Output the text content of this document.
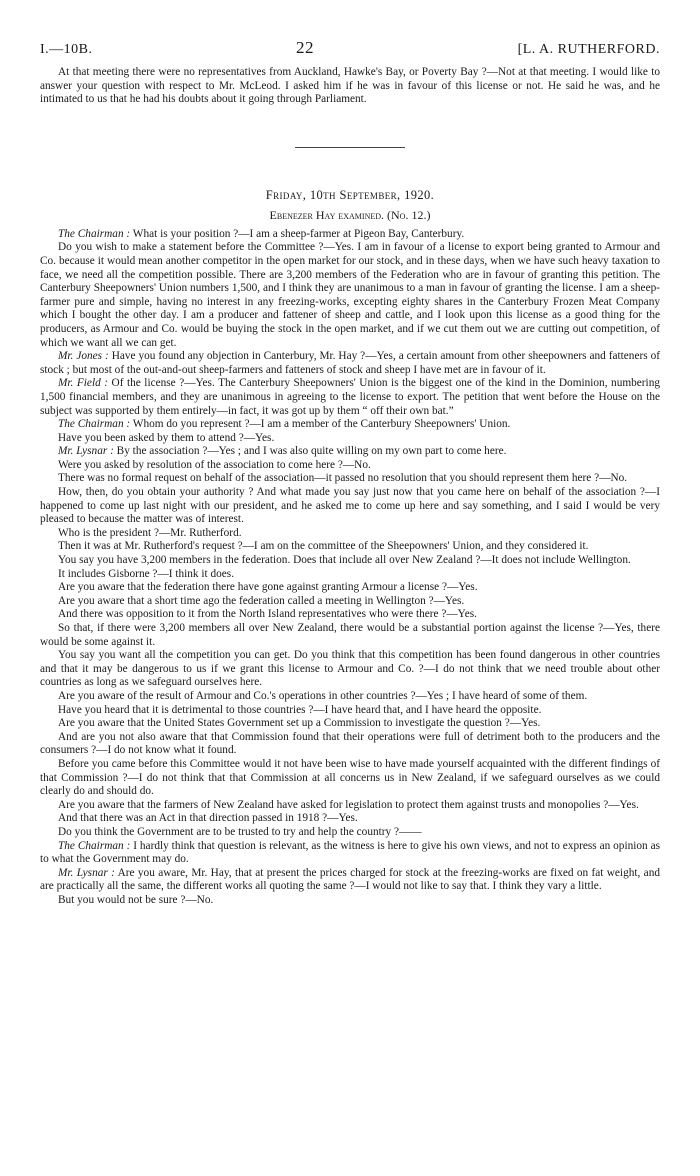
I.—10B.	22	[L. A. RUTHERFORD.

At that meeting there were no representatives from Auckland, Hawke's Bay, or Poverty Bay ?—Not at that meeting. I would like to answer your question with respect to Mr. McLeod. I asked him if he was in favour of this license or not. He said he was, and he intimated to us that he had his doubts about it going through Parliament.

Friday, 10th September, 1920.
Ebenezer Hay examined. (No. 12.)

The Chairman : What is your position ?—I am a sheep-farmer at Pigeon Bay, Canterbury.

Do you wish to make a statement before the Committee ?—Yes. I am in favour of a license to export being granted to Armour and Co. because it would mean another competitor in the open market for our stock, and in these days, when we have such heavy taxation to face, we need all the competition possible. There are 3,200 members of the Federation who are in favour of granting this petition. The Canterbury Sheepowners' Union numbers 1,500, and I think they are unanimous to a man in favour of granting the license. I am a sheep-farmer pure and simple, having no interest in any freezing-works, excepting eighty shares in the Canterbury Frozen Meat Company which I bought the other day. I am a producer and fattener of sheep and cattle, and I look upon this license as a good thing for the producers, as Armour and Co. would be buying the stock in the open market, and if we cut them out we are cutting out competition, of which we want all we can get.

Mr. Jones : Have you found any objection in Canterbury, Mr. Hay ?—Yes, a certain amount from other sheepowners and fatteners of stock ; but most of the out-and-out sheep-farmers and fatteners of stock and sheep I have met are in favour of it.

Mr. Field : Of the license ?—Yes. The Canterbury Sheepowners' Union is the biggest one of the kind in the Dominion, numbering 1,500 financial members, and they are unanimous in agreeing to the license to export. The petition that went before the House on the subject was supported by them entirely—in fact, it was got up by them “ off their own bat.”

The Chairman : Whom do you represent ?—I am a member of the Canterbury Sheepowners' Union.

Have you been asked by them to attend ?—Yes.

Mr. Lysnar : By the association ?—Yes ; and I was also quite willing on my own part to come here.

Were you asked by resolution of the association to come here ?—No.

There was no formal request on behalf of the association—it passed no resolution that you should represent them here ?—No.

How, then, do you obtain your authority ? And what made you say just now that you came here on behalf of the association ?—I happened to come up last night with our president, and he asked me to come up here and say something, and I said I would be very pleased to because the matter was of interest.

Who is the president ?—Mr. Rutherford.

Then it was at Mr. Rutherford's request ?—I am on the committee of the Sheepowners' Union, and they considered it.

You say you have 3,200 members in the federation. Does that include all over New Zealand ?—It does not include Wellington.

It includes Gisborne ?—I think it does.

Are you aware that the federation there have gone against granting Armour a license ?—Yes.

Are you aware that a short time ago the federation called a meeting in Wellington ?—Yes.

And there was opposition to it from the North Island representatives who were there ?—Yes.

So that, if there were 3,200 members all over New Zealand, there would be a substantial portion against the license ?—Yes, there would be some against it.

You say you want all the competition you can get. Do you think that this competition has been found dangerous in other countries and that it may be dangerous to us if we grant this license to Armour and Co. ?—I do not think that we need trouble about other countries as long as we safeguard ourselves here.

Are you aware of the result of Armour and Co.'s operations in other countries ?—Yes ; I have heard of some of them.

Have you heard that it is detrimental to those countries ?—I have heard that, and I have heard the opposite.

Are you aware that the United States Government set up a Commission to investigate the question ?—Yes.

And are you not also aware that that Commission found that their operations were full of detriment both to the producers and the consumers ?—I do not know what it found.

Before you came before this Committee would it not have been wise to have made yourself acquainted with the different findings of that Commission ?—I do not think that that Commission at all concerns us in New Zealand, if we safeguard ourselves as we could clearly do and should do.

Are you aware that the farmers of New Zealand have asked for legislation to protect them against trusts and monopolies ?—Yes.

And that there was an Act in that direction passed in 1918 ?—Yes.

Do you think the Government are to be trusted to try and help the country ?——

The Chairman : I hardly think that question is relevant, as the witness is here to give his own views, and not to express an opinion as to what the Government may do.

Mr. Lysnar : Are you aware, Mr. Hay, that at present the prices charged for stock at the freezing-works are fixed on fat weight, and are practically all the same, the different works all quoting the same ?—I would not like to say that. I think they vary a little.

But you would not be sure ?—No.
